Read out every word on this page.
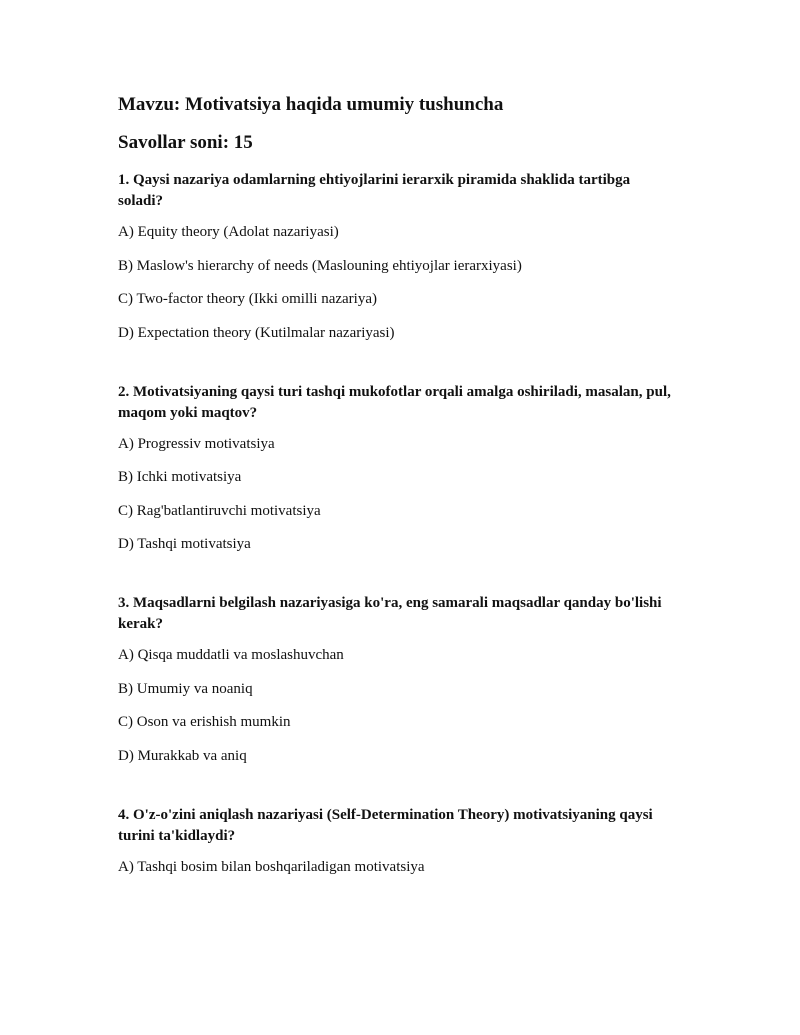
Mavzu: Motivatsiya haqida umumiy tushuncha
Savollar soni: 15
1. Qaysi nazariya odamlarning ehtiyojlarini ierarxik piramida shaklida tartibga soladi?
A) Equity theory (Adolat nazariyasi)
B) Maslow's hierarchy of needs (Maslouning ehtiyojlar ierarxiyasi)
C) Two-factor theory (Ikki omilli nazariya)
D) Expectation theory (Kutilmalar nazariyasi)
2. Motivatsiyaning qaysi turi tashqi mukofotlar orqali amalga oshiriladi, masalan, pul, maqom yoki maqtov?
A) Progressiv motivatsiya
B) Ichki motivatsiya
C) Rag'batlantiruvchi motivatsiya
D) Tashqi motivatsiya
3. Maqsadlarni belgilash nazariyasiga ko'ra, eng samarali maqsadlar qanday bo'lishi kerak?
A) Qisqa muddatli va moslashuvchan
B) Umumiy va noaniq
C) Oson va erishish mumkin
D) Murakkab va aniq
4. O'z-o'zini aniqlash nazariyasi (Self-Determination Theory) motivatsiyaning qaysi turini ta'kidlaydi?
A) Tashqi bosim bilan boshqariladigan motivatsiya
